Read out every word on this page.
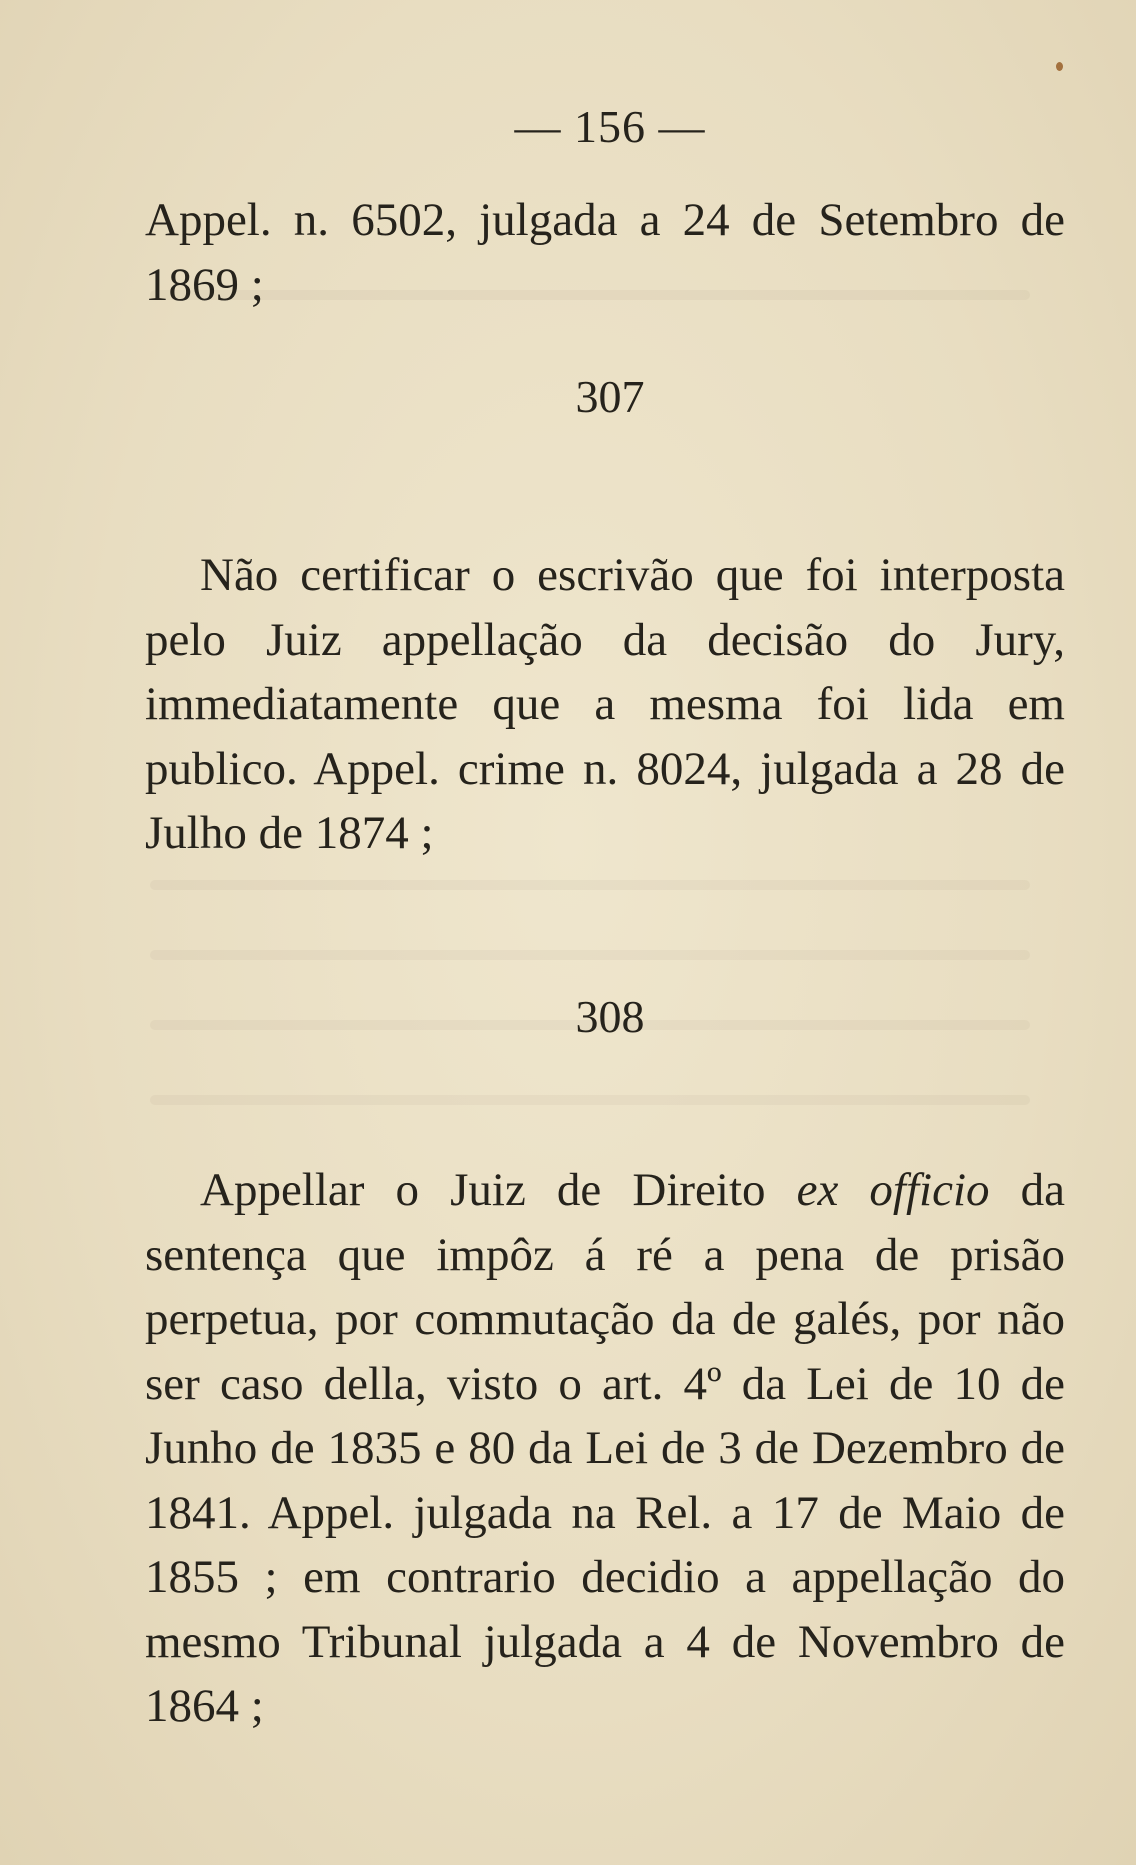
— 156 —

Appel. n. 6502, julgada a 24 de Setembro de 1869 ;

307

Não certificar o escrivão que foi interposta pelo Juiz appellação da decisão do Jury, immediatamente que a mesma foi lida em publico. Appel. crime n. 8024, julgada a 28 de Julho de 1874 ;

308

Appellar o Juiz de Direito ex officio da sentença que impôz á ré a pena de prisão perpetua, por commutação da de galés, por não ser caso della, visto o art. 4º da Lei de 10 de Junho de 1835 e 80 da Lei de 3 de Dezembro de 1841. Appel. julgada na Rel. a 17 de Maio de 1855 ; em contrario decidio a appellação do mesmo Tribunal julgada a 4 de Novembro de 1864 ;
